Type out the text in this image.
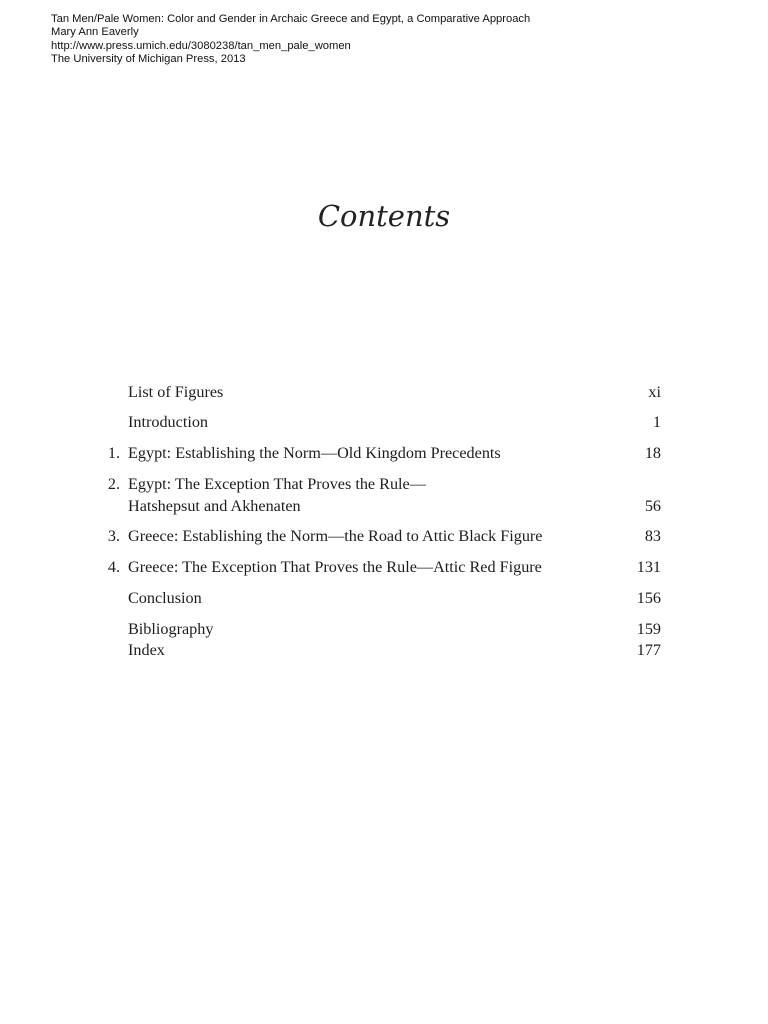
Tan Men/Pale Women: Color and Gender in Archaic Greece and Egypt, a Comparative Approach
Mary Ann Eaverly
http://www.press.umich.edu/3080238/tan_men_pale_women
The University of Michigan Press, 2013
Contents
List of Figures	xi
Introduction	1
1. Egypt: Establishing the Norm—Old Kingdom Precedents	18
2. Egypt: The Exception That Proves the Rule—
Hatshepsut and Akhenaten	56
3. Greece: Establishing the Norm—the Road to Attic Black Figure	83
4. Greece: The Exception That Proves the Rule—Attic Red Figure	131
Conclusion	156
Bibliography	159
Index	177
